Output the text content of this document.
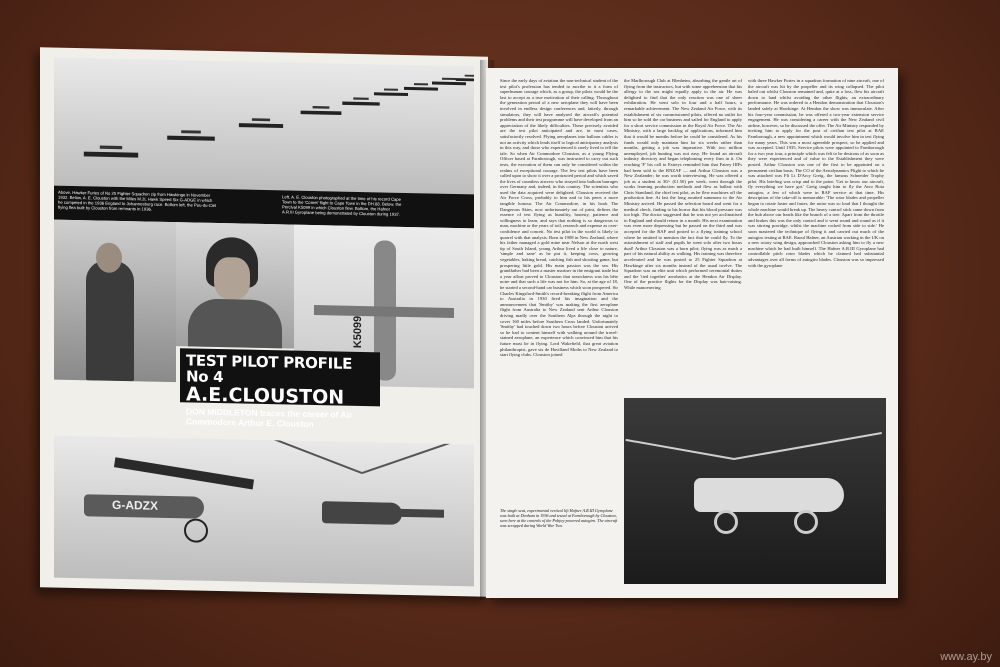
Above, Hawker Furies of No 25 Fighter Squadron zip from Hawkinge in November 1932. Below, A. E. Clouston with the Miles M.2L Hawk Speed Six G-ADGE in which he competed in the 1936 England to Johannesburg race. Bottom left, the Pou-du-Ciel flying flea built by Clouston from remnants in 1936.
Left, A. E. Clouston photographed at the time of his record Cape Town to the 'Comet' flight to Cape Town in the DH.88. Below, the Percival K5099 in which Clouston flew. Bottom, the Hafner A.R.III Gyroplane being demonstrated by Clouston during 1937.
K5099
TEST PILOT PROFILE No 4
A.E.CLOUSTON
DON MIDDLETON traces the career of Air Commodore Arthur E. Clouston
G-ADZX

Since the early days of aviation the non-technical student of the test pilot's profession has tended to ascribe to it a form of superhuman courage which, as a group, the pilots would be the last to accept as a true motivation of their calling. Throughout the generation period of a new aeroplane they will have been involved in endless design conferences and, latterly, through simulators, they will have analysed the aircraft's potential problems and their test programme will have developed from an appreciation of the likely difficulties. These precisely avoided are the test pilot anticipated and are, in most cases, satisfactorily resolved. Flying aeroplanes into balloon cables is not an activity which lends itself to logical anticipatory analysis in this way, and those who experienced it rarely lived to tell the tale. So when Air Commodore Clouston, as a young Flying Officer based at Farnborough, was instructed to carry out such tests, the execution of them can only be considered within the realms of exceptional courage. The few test pilots have been called upon to show it over a protracted period and which saved the lives of countless aircrew who strayed into balloon barrages over Germany and, indeed, in this country. The scientists who used the data acquired were delighted; Clouston received the Air Force Cross, probably to him and to his peers a more tangible honour. The Air Commodore, in his book The Dangerous Skies, now unfortunately out of print, defines the essence of test flying as humility, honesty, patience and willingness to learn, and says that nothing is so dangerous to man, machine or the years of toil, research and expense as over-confidence and conceit. No test pilot in the world is likely to quarrel with that analysis. Born in 1908 in New Zealand, where his father managed a gold mine near Nelson at the north west tip of South Island, young Arthur lived a life close to nature, 'simple and sane' as he put it, keeping cows, growing vegetables, baking bread, catching fish and shooting game, but prospering little gold. His main passion was the sea. His grandfather had been a master mariner in the emigrant trade but a year afloat proved to Clouston that seasickness was his bête noire and that such a life was not for him. So, at the age of 18, he started a second-hand car business which soon prospered. Sir Charles Kingsford-Smith's record-breaking flight from America to Australia in 1930 fired his imagination and the announcement that 'Smithy' was making the first aeroplane flight from Australia to New Zealand sent Arthur Clouston driving madly over the Southern Alps through the night to cover 160 miles before Southern Cross landed. Unfortunately 'Smithy' had touched down two hours before Clouston arrived so he had to content himself with walking around the travel-stained aeroplane, an experience which convinced him that his future must lie in flying. Lord Wakefield, that great aviation philanthropist, gave six de Havilland Moths to New Zealand to start flying clubs. Clouston joined

the Marlborough Club at Blenheim, absorbing the gentle art of flying from the instructors, but with some apprehension that his allergy to the sea might equally apply to the air. He was delighted to find that the only reaction was one of sheer exhilaration. He went solo in four and a half hours, a remarkable achievement. The New Zealand Air Force, with its establishment of six commissioned pilots, offered no outlet for him so he sold the car business and sailed for England to apply for a short service commission in the Royal Air Force. The Air Ministry, with a large backlog of applications, informed him that it would be months before he could be considered. As his funds would only maintain him for six weeks rather than months, getting a job was imperative. With two million unemployed, job hunting was not easy. He found an aircraft industry directory and began telephoning every firm in it. On reaching 'F' his call to Faireys reminded him that Fairey IIIFs had been sold to the RNZAF — and Arthur Clouston was a New Zealander; he was worth interviewing. He was offered a job as a student at 30/- (£1.50) per week, went through the works learning production methods and flew as ballast with Chris Staniland, the chief test pilot, as he flew machines off the production line. At last the long awaited summons to the Air Ministry arrived. He passed the selection board and went for a medical check, finding to his horror that his blood pressure was too high. The doctor suggested that he was not yet acclimatised to England and should return in a month. His next examination was even more depressing but he passed on the third and was accepted for the RAF and posted to a flying training school where he omitted to mention the fact that he could fly. To the astonishment of staff and pupils he went solo after two hours dual! Arthur Clouston was a born pilot; flying was as much a part of his natural ability as walking. His training was therefore accelerated and he was posted to 25 Fighter Squadron at Hawkinge after six months instead of the usual twelve. The Squadron was an elite unit which performed ceremonial duties and the 'tied together' aerobatics at the Hendon Air Display. One of the practice flights for the Display was hair-raising. While manoeuvring

with three Hawker Furies in a squadron formation of nine aircraft, one of the aircraft was hit by the propeller and its wing collapsed. The pilot baled out whilst Clouston remained and, quite at a loss, flew his aircraft down to land whilst avoiding the other flights, an extraordinary performance. He was ordered to a Hendon demonstration that Clouston's landed safely at Hawkinge. At Hendon the show was immaculate. After his four-year commission, he was offered a two-year extension service engagement. He was considering a career with the New Zealand civil airline, however, so he discussed the offer. The Air Ministry responded by inviting him to apply for the post of civilian test pilot at RAE Farnborough, a new appointment which would involve him in test flying for many years. This was a most agreeable prospect, so he applied and was accepted. Until 1935, Service pilots were appointed to Farnborough for a two year tour, a principle which was felt to be desirous of as soon as they were experienced and of value to the Establishment they were posted. Arthur Clouston was one of the first to be appointed on a permanent civilian basis. The CO of the Aerodynamics Flight to which he was attached was Flt Lt D'Arcy Greig, the famous Schneider Trophy pilot. His briefing was crisp and to the point: 'Get to know our aircraft, fly everything we have got.' Greig taught him to fly the Avro Rota autogiro, a few of which were in RAF service at that time. His description of the take-off is memorable: 'The rotor blades and propeller began to rotate faster and faster, the noise was so loud that I thought the whole machine would break up. The heavy control stick came down from the hub above our heads like the branch of a tree. Apart from the throttle and brakes this was the only control and it went round and round as if it was stirring porridge, whilst the machine rocked from side to side.' He soon mastered the technique of flying it and carried out much of the autogiro testing at RAE. Raoul Hafner, an Austrian working in the UK on a new rotary wing design, approached Clouston asking him to fly a new machine which he had built himself. The Hafner A.R.III Gyroplane had controllable pitch rotor blades which he claimed had substantial advantages over all forms of autogiro blades. Clouston was so impressed with the gyroplane

The single seat, experimental vertical lift Hafner A.R.III Gyroplane was built at Denham in 1936 and tested at Farnborough by Clouston, seen here at the controls of the Pobjoy-powered autogiro. The aircraft was scrapped during World War Two.
www.ay.by
